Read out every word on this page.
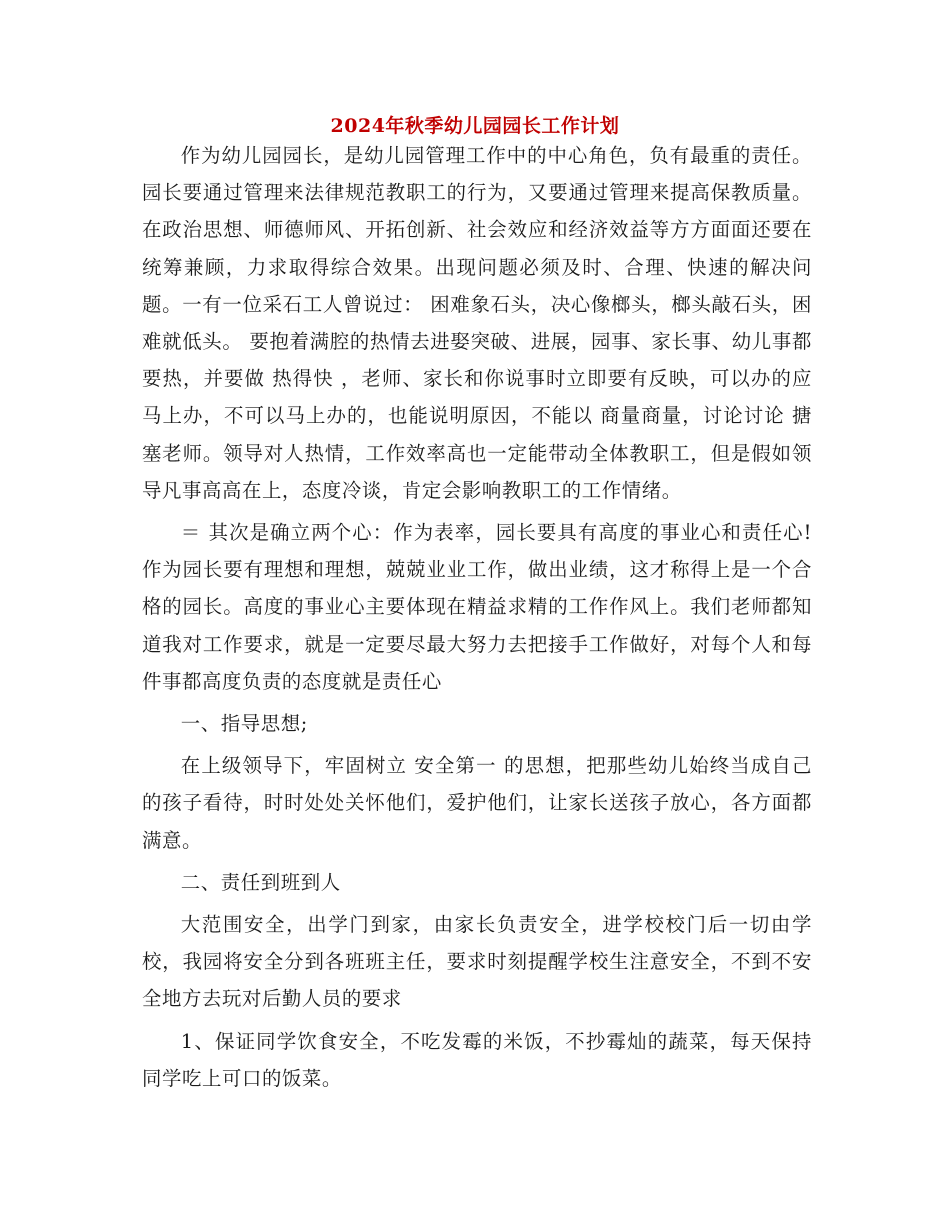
2024年秋季幼儿园园长工作计划

作为幼儿园园长，是幼儿园管理工作中的中心角色，负有最重的责任。园长要通过管理来法律规范教职工的行为，又要通过管理来提高保教质量。在政治思想、师德师风、开拓创新、社会效应和经济效益等方方面面还要在统筹兼顾，力求取得综合效果。出现问题必须及时、合理、快速的解决问题。一有一位采石工人曾说过： 困难象石头，决心像榔头，榔头敲石头，困难就低头。 要抱着满腔的热情去进娶突破、进展，园事、家长事、幼儿事都要热，并要做 热得快 ，老师、家长和你说事时立即要有反映，可以办的应马上办，不可以马上办的，也能说明原因，不能以 商量商量，讨论讨论 搪塞老师。领导对人热情，工作效率高也一定能带动全体教职工，但是假如领导凡事高高在上，态度冷谈，肯定会影响教职工的工作情绪。

＝ 其次是确立两个心：作为表率，园长要具有高度的事业心和责任心!作为园长要有理想和理想，兢兢业业工作，做出业绩，这才称得上是一个合格的园长。高度的事业心主要体现在精益求精的工作作风上。我们老师都知道我对工作要求，就是一定要尽最大努力去把接手工作做好，对每个人和每件事都高度负责的态度就是责任心

一、指导思想;

在上级领导下，牢固树立 安全第一 的思想，把那些幼儿始终当成自己的孩子看待，时时处处关怀他们，爱护他们，让家长送孩子放心，各方面都满意。

二、责任到班到人

大范围安全，出学门到家，由家长负责安全，进学校校门后一切由学校，我园将安全分到各班班主任，要求时刻提醒学校生注意安全，不到不安全地方去玩对后勤人员的要求

1、保证同学饮食安全，不吃发霉的米饭，不抄霉灿的蔬菜，每天保持同学吃上可口的饭菜。
